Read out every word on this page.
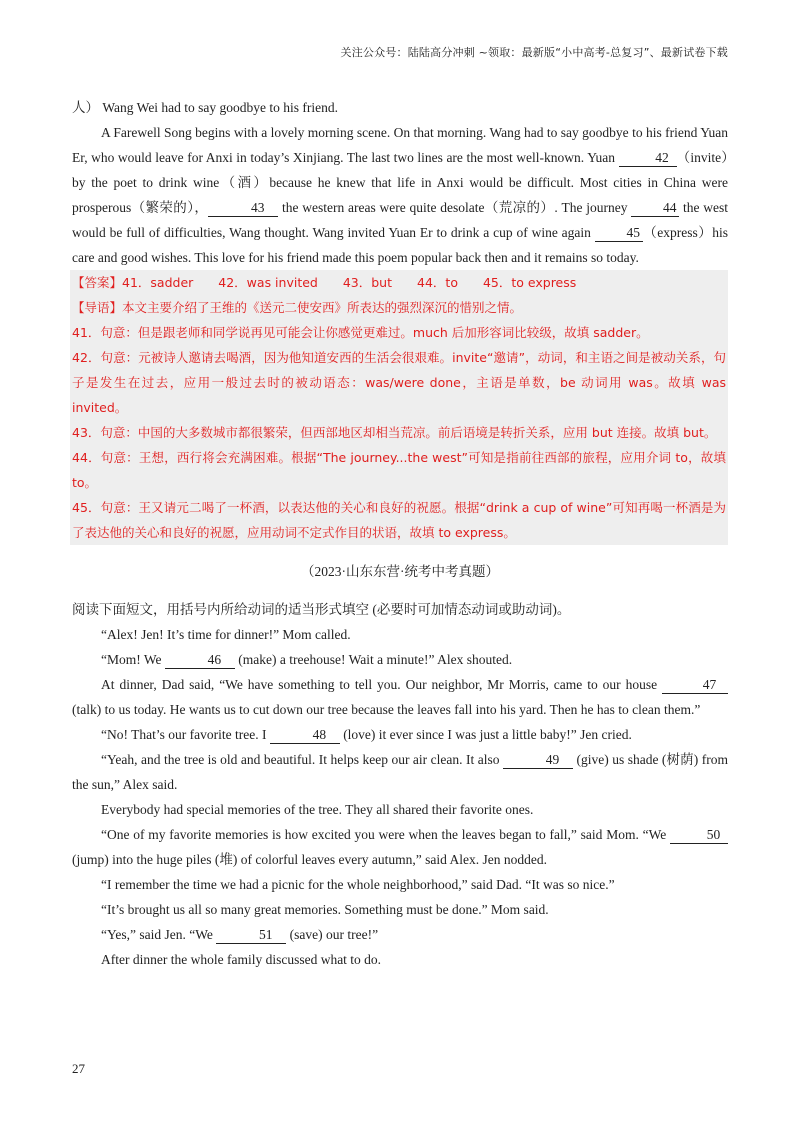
关注公众号：陆陆高分冲刺 ~领取：最新版“小中高考-总复习”、最新试卷下载

人） Wang Wei had to say goodbye to his friend.

A Farewell Song begins with a lovely morning scene. On that morning. Wang had to say goodbye to his friend Yuan Er, who would leave for Anxi in today’s Xinjiang. The last two lines are the most well-known. Yuan	42 （invite）by the poet to drink wine（酒）because he knew that life in Anxi would be difficult. Most cities in China were prosperous（繁荣的），	43 the western areas were quite desolate（荒凉的）. The journey 44 the west would be full of difficulties, Wang thought. Wang invited Yuan Er to drink a cup of wine again 45 （express）his care and good wishes. This love for his friend made this poem popular back then and it remains so today.

【答案】41．sadder　　42．was invited　　43．but　　44．to　　45．to express

【导语】本文主要介绍了王维的《送元二使安西》所表达的强烈深沉的惜别之情。

41．句意：但是跟老师和同学说再见可能会让你感觉更难过。much 后加形容词比较级，故填 sadder。

42．句意：元被诗人邀请去喝酒，因为他知道安西的生活会很艰难。invite“邀请”，动词，和主语之间是被动关系，句子是发生在过去，应用一般过去时的被动语态：was/were done，主语是单数，be 动词用 was。故填 was invited。

43．句意：中国的大多数城市都很繁荣，但西部地区却相当荒凉。前后语境是转折关系，应用 but 连接。故填 but。

44．句意：王想，西行将会充满困难。根据“The journey...the west”可知是指前往西部的旅程，应用介词 to，故填 to。

45．句意：王又请元二喝了一杯酒，以表达他的关心和良好的祝愿。根据“drink a cup of wine”可知再喝一杯酒是为了表达他的关心和良好的祝愿，应用动词不定式作目的状语，故填 to express。

（2023·山东东营·统考中考真题）

阅读下面短文，用括号内所给动词的适当形式填空 (必要时可加情态动词或助动词)。

“Alex! Jen! It’s time for dinner!” Mom called.

“Mom! We	46 (make) a treehouse! Wait a minute!” Alex shouted.

At dinner, Dad said, “We have something to tell you. Our neighbor, Mr Morris, came to our house	47 (talk) to us today. He wants us to cut down our tree because the leaves fall into his yard. Then he has to clean them.”

“No! That’s our favorite tree. I	48 (love) it ever since I was just a little baby!” Jen cried.

“Yeah, and the tree is old and beautiful. It helps keep our air clean. It also	49 (give) us shade (树荫) from the sun,” Alex said.

Everybody had special memories of the tree. They all shared their favorite ones.

“One of my favorite memories is how excited you were when the leaves began to fall,” said Mom. “We	50 (jump) into the huge piles (堆) of colorful leaves every autumn,” said Alex. Jen nodded.

“I remember the time we had a picnic for the whole neighborhood,” said Dad. “It was so nice.”

“It’s brought us all so many great memories. Something must be done.” Mom said.

“Yes,” said Jen. “We	51 (save) our tree!”

After dinner the whole family discussed what to do.

27
